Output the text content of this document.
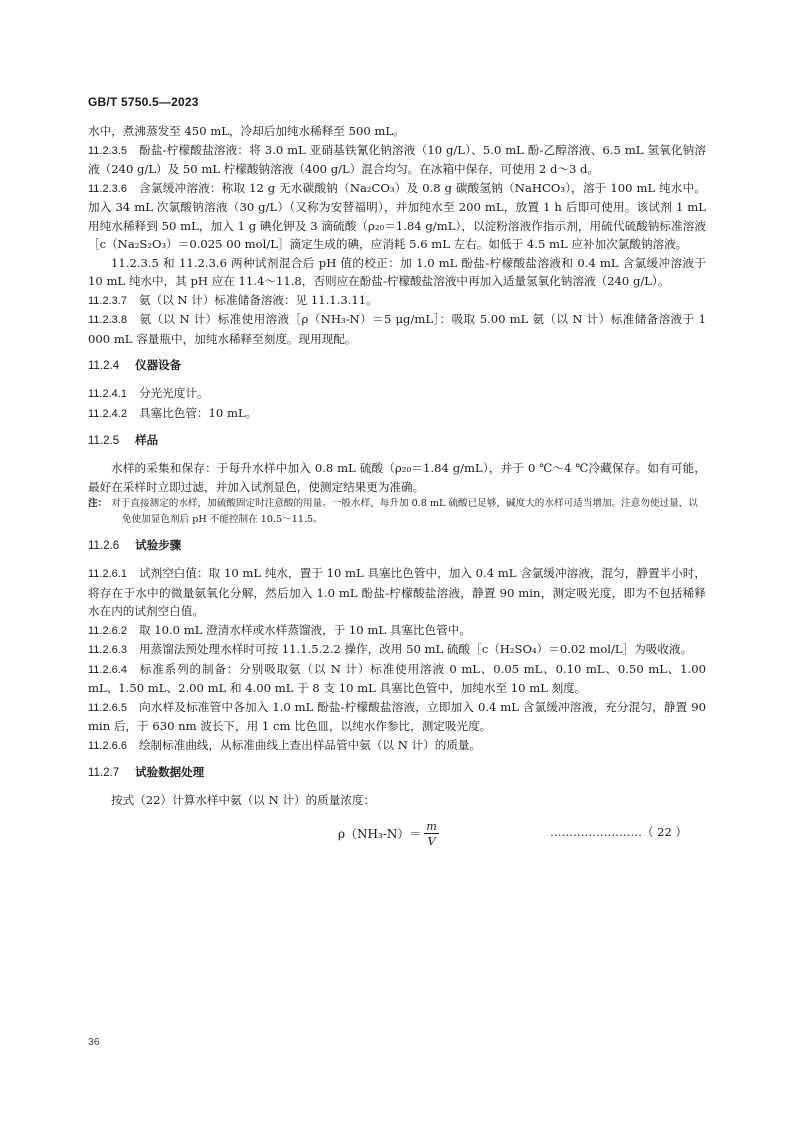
GB/T 5750.5—2023

水中，煮沸蒸发至 450 mL，冷却后加纯水稀释至 500 mL。

11.2.3.5 酚盐-柠檬酸盐溶液：将 3.0 mL 亚硝基铁氰化钠溶液（10 g/L）、5.0 mL 酚-乙醇溶液、6.5 mL 氢氧化钠溶液（240 g/L）及 50 mL 柠檬酸钠溶液（400 g/L）混合均匀。在冰箱中保存，可使用 2 d～3 d。

11.2.3.6 含氯缓冲溶液：称取 12 g 无水碳酸钠（Na₂CO₃）及 0.8 g 碳酸氢钠（NaHCO₃），溶于 100 mL 纯水中。加入 34 mL 次氯酸钠溶液（30 g/L）（又称为安替福明），并加纯水至 200 mL，放置 1 h 后即可使用。该试剂 1 mL 用纯水稀释到 50 mL，加入 1 g 碘化钾及 3 滴硫酸（ρ₂₀＝1.84 g/mL），以淀粉溶液作指示剂，用硫代硫酸钠标准溶液［c（Na₂S₂O₃）＝0.025 00 mol/L］滴定生成的碘，应消耗 5.6 mL 左右。如低于 4.5 mL 应补加次氯酸钠溶液。

11.2.3.5 和 11.2.3.6 两种试剂混合后 pH 值的校正：加 1.0 mL 酚盐-柠檬酸盐溶液和 0.4 mL 含氯缓冲溶液于 10 mL 纯水中，其 pH 应在 11.4～11.8，否则应在酚盐-柠檬酸盐溶液中再加入适量氢氧化钠溶液（240 g/L）。

11.2.3.7 氨（以 N 计）标准储备溶液：见 11.1.3.11。

11.2.3.8 氨（以 N 计）标准使用溶液［ρ（NH₃-N）＝5 μg/mL］：吸取 5.00 mL 氨（以 N 计）标准储备溶液于 1 000 mL 容量瓶中，加纯水稀释至刻度。现用现配。

11.2.4 仪器设备

11.2.4.1 分光光度计。

11.2.4.2 具塞比色管：10 mL。

11.2.5 样品

水样的采集和保存：于每升水样中加入 0.8 mL 硫酸（ρ₂₀＝1.84 g/mL），并于 0 ℃～4 ℃冷藏保存。如有可能，最好在采样时立即过滤，并加入试剂显色，使测定结果更为准确。

注： 对于直接测定的水样，加硫酸固定时注意酸的用量。一般水样，每升加 0.8 mL 硫酸已足够，碱度大的水样可适当增加。注意勿使过量，以免使加显色剂后 pH 不能控制在 10.5～11.5。

11.2.6 试验步骤

11.2.6.1 试剂空白值：取 10 mL 纯水，置于 10 mL 具塞比色管中，加入 0.4 mL 含氯缓冲溶液，混匀，静置半小时，将存在于水中的微量氨氧化分解，然后加入 1.0 mL 酚盐-柠檬酸盐溶液，静置 90 min，测定吸光度，即为不包括稀释水在内的试剂空白值。

11.2.6.2 取 10.0 mL 澄清水样或水样蒸馏液，于 10 mL 具塞比色管中。

11.2.6.3 用蒸馏法预处理水样时可按 11.1.5.2.2 操作，改用 50 mL 硫酸［c（H₂SO₄）＝0.02 mol/L］为吸收液。

11.2.6.4 标准系列的制备：分别吸取氨（以 N 计）标准使用溶液 0 mL、0.05 mL、0.10 mL、0.50 mL、1.00 mL、1.50 mL、2.00 mL 和 4.00 mL 于 8 支 10 mL 具塞比色管中，加纯水至 10 mL 刻度。

11.2.6.5 向水样及标准管中各加入 1.0 mL 酚盐-柠檬酸盐溶液，立即加入 0.4 mL 含氯缓冲溶液，充分混匀，静置 90 min 后，于 630 nm 波长下，用 1 cm 比色皿，以纯水作参比，测定吸光度。

11.2.6.6 绘制标准曲线，从标准曲线上查出样品管中氨（以 N 计）的质量。

11.2.7 试验数据处理

按式（22）计算水样中氨（以 N 计）的质量浓度：

$\rho(NH_3-N)= \frac{m}{V}$	……………………（ 22 ）
36
